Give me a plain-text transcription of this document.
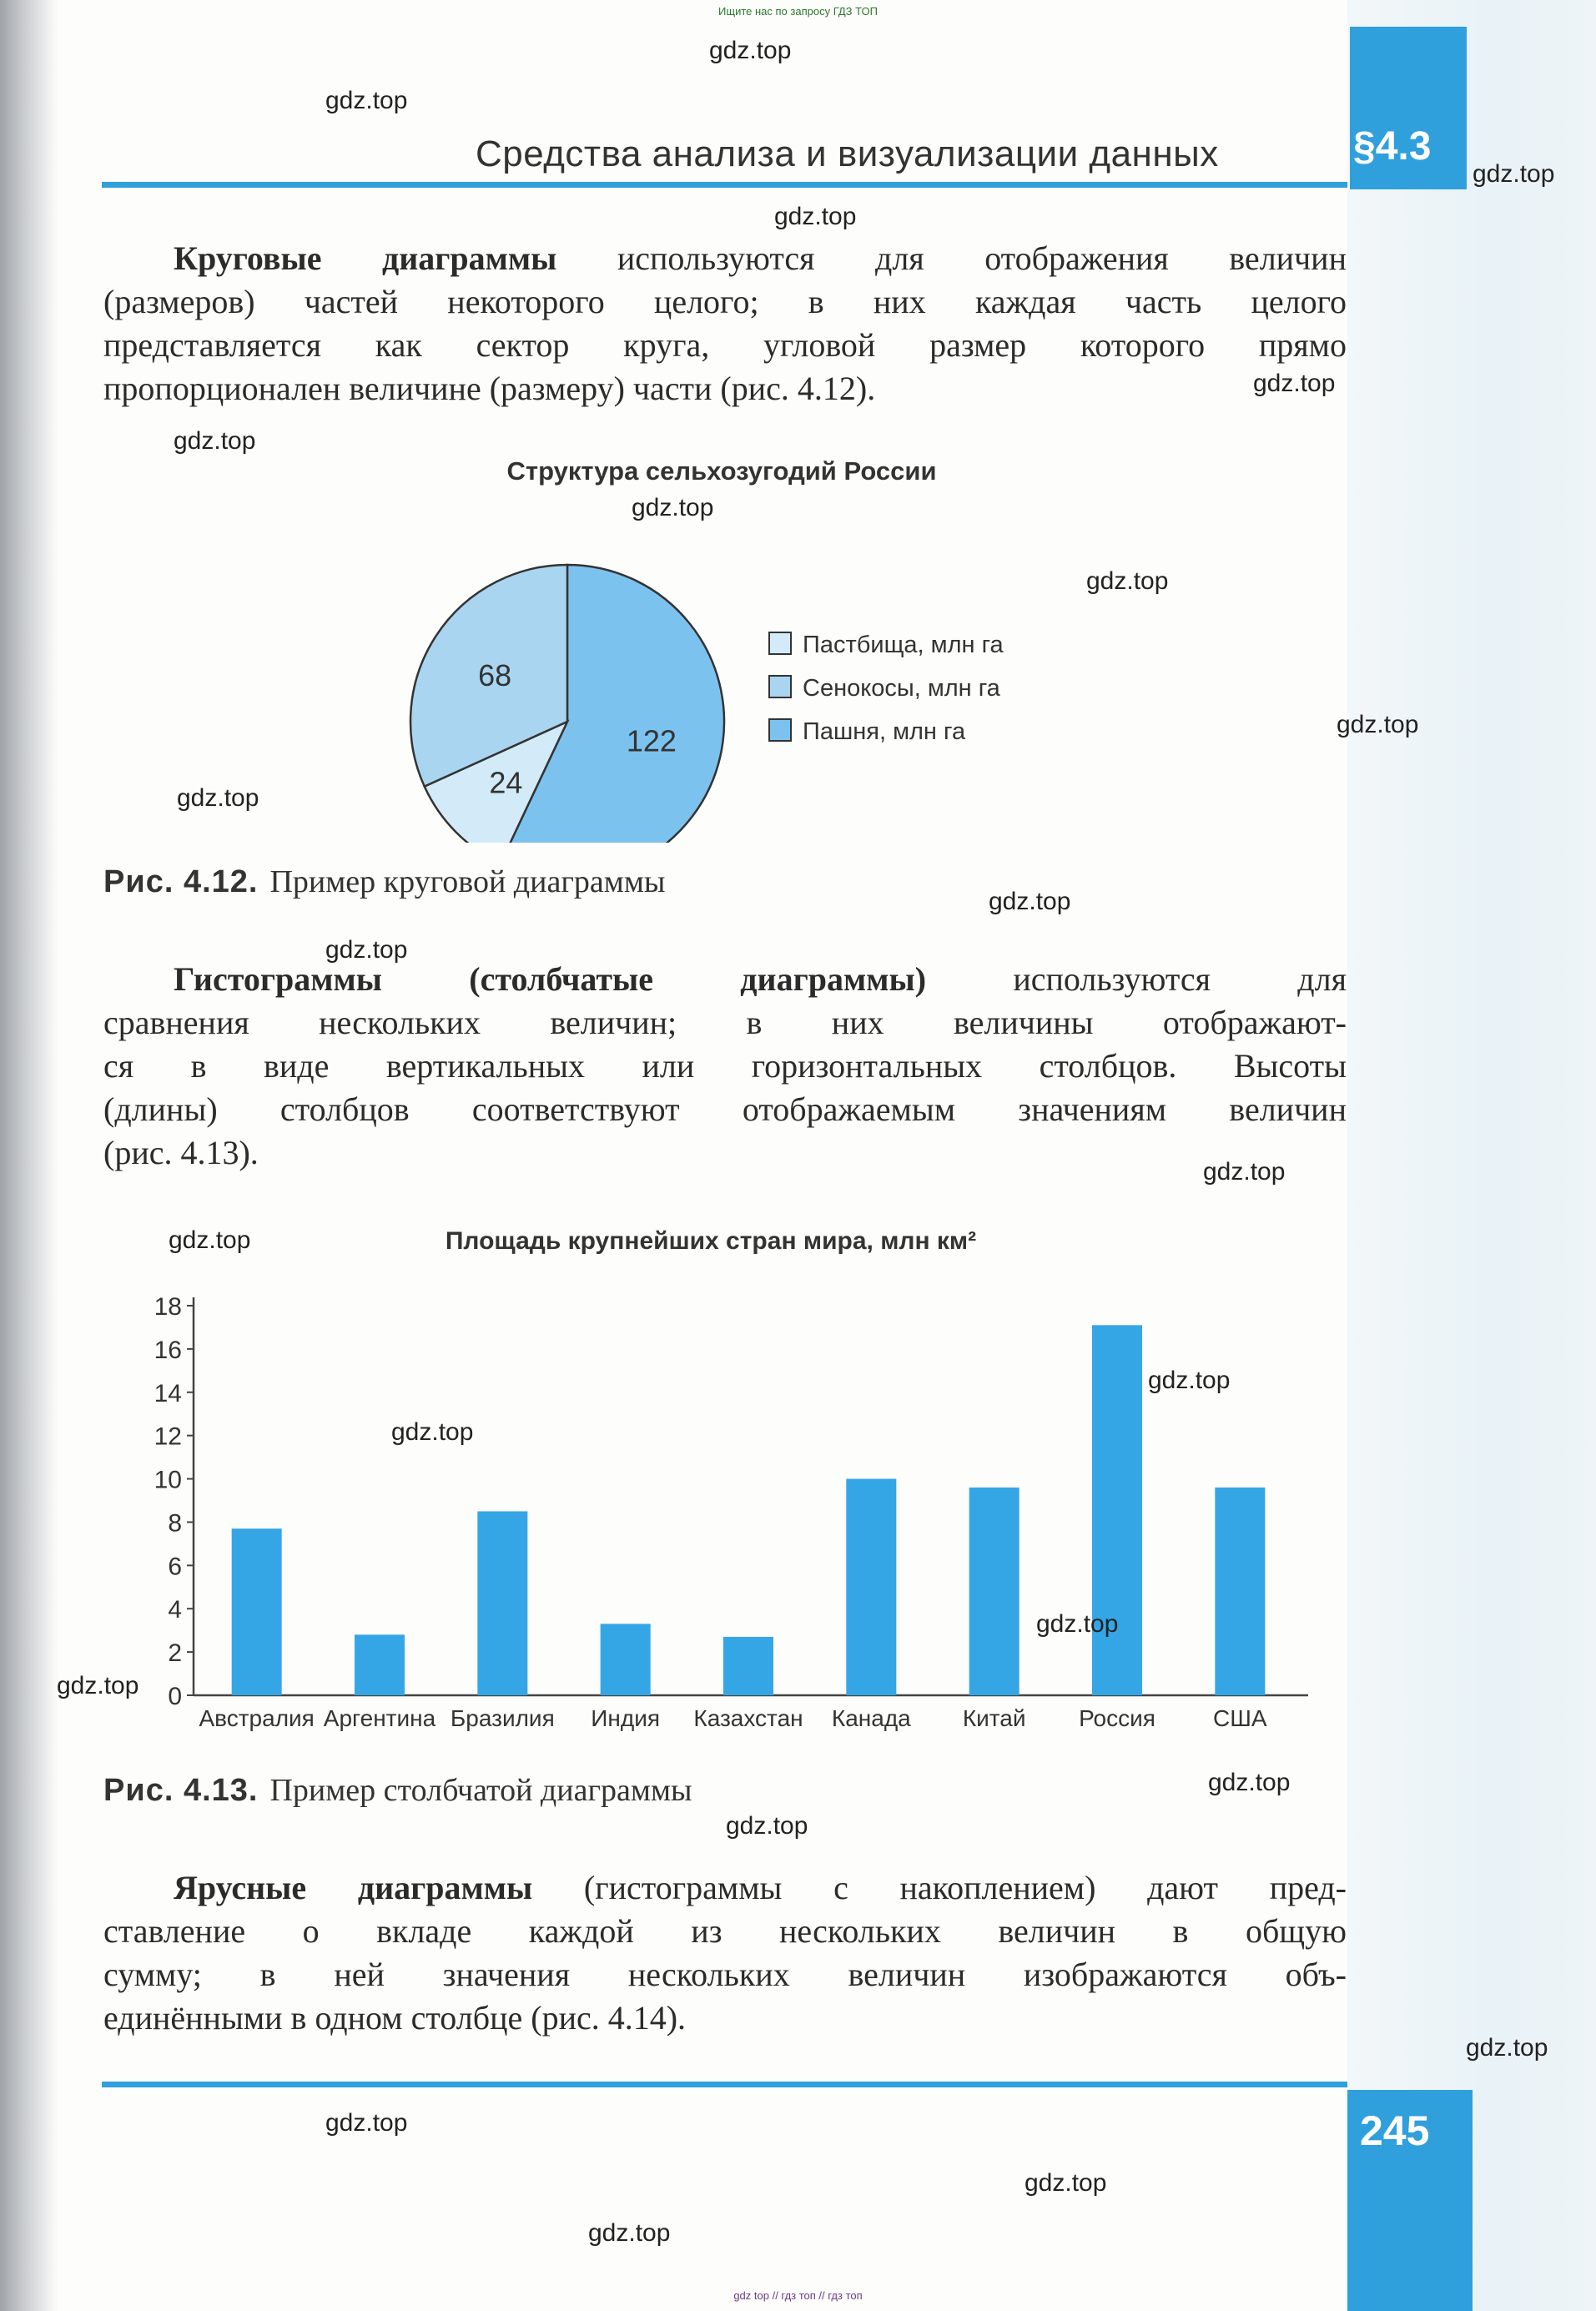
Ищите нас по запросу ГДЗ ТОП
Средства анализа и визуализации данных	§4.3
Круговые диаграммы используются для отображения величин
(размеров) частей некоторого целого; в них каждая часть целого
представляется как сектор круга, угловой размер которого прямо
пропорционален величине (размеру) части (рис. 4.12).
Структура сельхозугодий России
122
24
68
Пастбища, млн га
Сенокосы, млн га
Пашня, млн га
Рис. 4.12. Пример круговой диаграммы
Гистограммы (столбчатые диаграммы) используются для
сравнения нескольких величин; в них величины отображают-
ся в виде вертикальных или горизонтальных столбцов. Высоты
(длины) столбцов соответствуют отображаемым значениям величин
(рис. 4.13).
Площадь крупнейших стран мира, млн км²
0
2
4
6
8
10
12
14
16
18
Австралия Аргентина Бразилия Индия Казахстан Канада Китай Россия США
Рис. 4.13. Пример столбчатой диаграммы
Ярусные диаграммы (гистограммы с накоплением) дают пред-
ставление о вкладе каждой из нескольких величин в общую
сумму; в ней значения нескольких величин изображаются объ-
единёнными в одном столбце (рис. 4.14).
245
gdz top // гдз топ // гдз топ
gdz.top
gdz.top
gdz.top
gdz.top
gdz.top
gdz.top
gdz.top
gdz.top
gdz.top
gdz.top
gdz.top
gdz.top
gdz.top
gdz.top
gdz.top
gdz.top
gdz.top
gdz.top
gdz.top
gdz.top
gdz.top
gdz.top
gdz.top
gdz.top
